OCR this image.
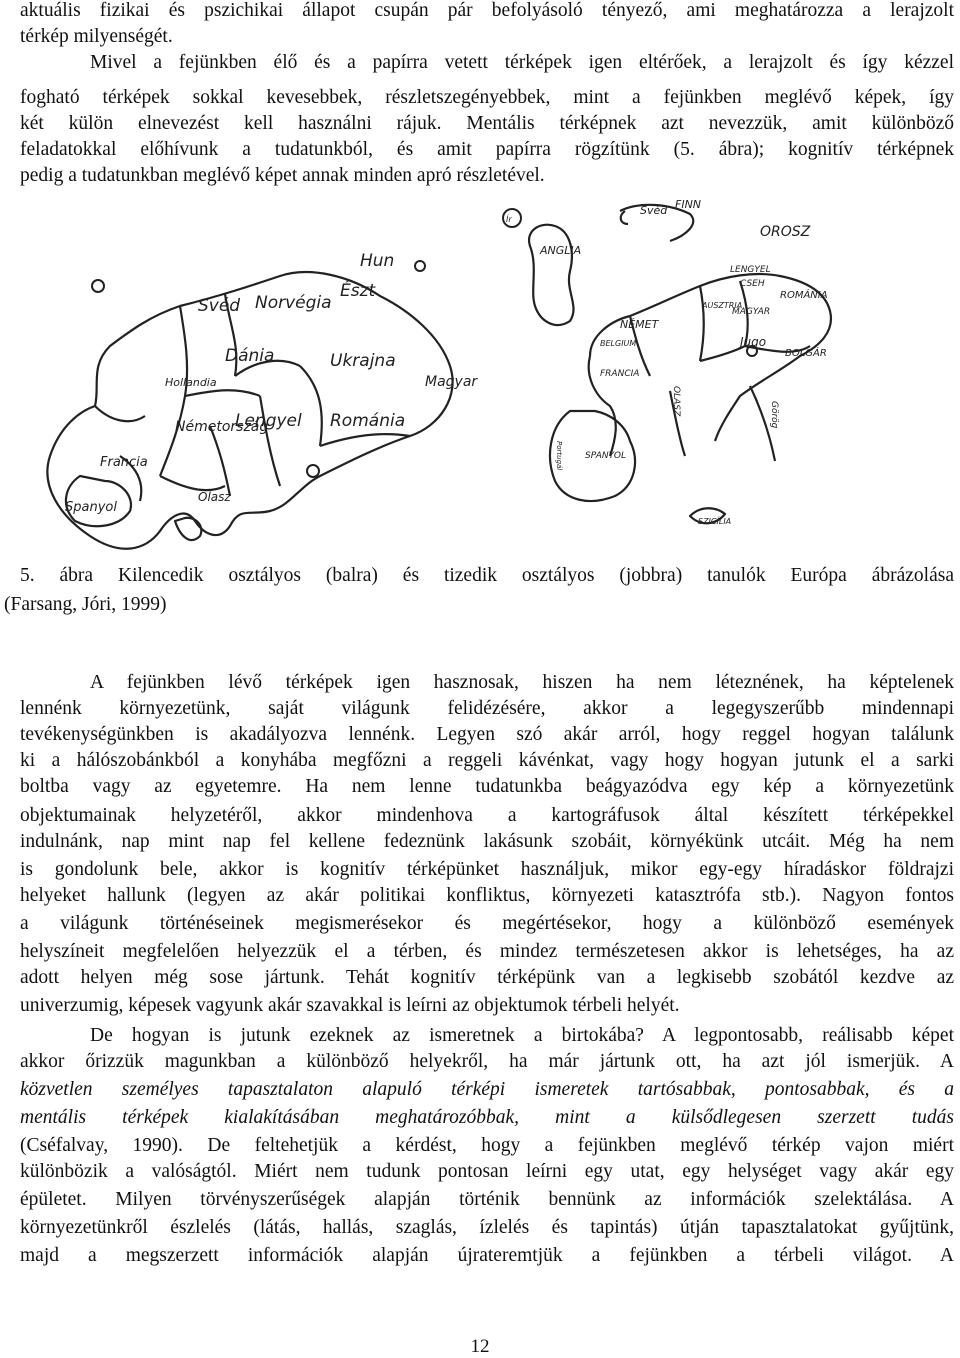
aktuális fizikai és pszichikai állapot csupán pár befolyásoló tényező, ami meghatározza a lerajzolt
térkép milyenségét.
Mivel a fejünkben élő és a papírra vetett térképek igen eltérőek, a lerajzolt és így kézzel
fogható térképek sokkal kevesebbek, részletszegényebbek, mint a fejünkben meglévő képek, így
két külön elnevezést kell használni rájuk. Mentális térképnek azt nevezzük, amit különböző
feladatokkal előhívunk a tudatunkból, és amit papírra rögzítünk (5. ábra); kognitív térképnek
pedig a tudatunkban meglévő képet annak minden apró részletével.
Hun
Svéd Norvégia
Észt
Dánia	Ukrajna
Hollandia
Németország
Lengyel Románia
Magyar
Francia
Spanyol
Olasz
Svéd FINN
OROSZ
Ír
ANGLIA
LENGYEL
CSEH
AUSZTRIA
MAGYAR
ROMÁNIA
NÉMET
BELGIUM
FRANCIA
Jugo
BOLGÁR
OLASZ	Görög
Portugál SPANYOL
SZICÍLIA
5. ábra Kilencedik osztályos (balra) és tizedik osztályos (jobbra) tanulók Európa ábrázolása
(Farsang, Jóri, 1999)
A fejünkben lévő térképek igen hasznosak, hiszen ha nem léteznének, ha képtelenek
lennénk környezetünk, saját világunk felidézésére, akkor a legegyszerűbb mindennapi
tevékenységünkben is akadályozva lennénk. Legyen szó akár arról, hogy reggel hogyan találunk
ki a hálószobánkból a konyhába megfőzni a reggeli kávénkat, vagy hogy hogyan jutunk el a sarki
boltba vagy az egyetemre. Ha nem lenne tudatunkba beágyazódva egy kép a környezetünk
objektumainak helyzetéről, akkor mindenhova a kartográfusok által készített térképekkel
indulnánk, nap mint nap fel kellene fedeznünk lakásunk szobáit, környékünk utcáit. Még ha nem
is gondolunk bele, akkor is kognitív térképünket használjuk, mikor egy-egy híradáskor földrajzi
helyeket hallunk (legyen az akár politikai konfliktus, környezeti katasztrófa stb.). Nagyon fontos
a világunk történéseinek megismerésekor és megértésekor, hogy a különböző események
helyszíneit megfelelően helyezzük el a térben, és mindez természetesen akkor is lehetséges, ha az
adott helyen még sose jártunk. Tehát kognitív térképünk van a legkisebb szobától kezdve az
univerzumig, képesek vagyunk akár szavakkal is leírni az objektumok térbeli helyét.
De hogyan is jutunk ezeknek az ismeretnek a birtokába? A legpontosabb, reálisabb képet
akkor őrizzük magunkban a különböző helyekről, ha már jártunk ott, ha azt jól ismerjük. A
közvetlen személyes tapasztalaton alapuló térképi ismeretek tartósabbak, pontosabbak, és a
mentális térképek kialakításában meghatározóbbak, mint a külsődlegesen szerzett tudás
(Cséfalvay, 1990). De feltehetjük a kérdést, hogy a fejünkben meglévő térkép vajon miért
különbözik a valóságtól. Miért nem tudunk pontosan leírni egy utat, egy helységet vagy akár egy
épületet. Milyen törvényszerűségek alapján történik bennünk az információk szelektálása. A
környezetünkről észlelés (látás, hallás, szaglás, ízlelés és tapintás) útján tapasztalatokat gyűjtünk,
majd a megszerzett információk alapján újrateremtjük a fejünkben a térbeli világot. A
12
